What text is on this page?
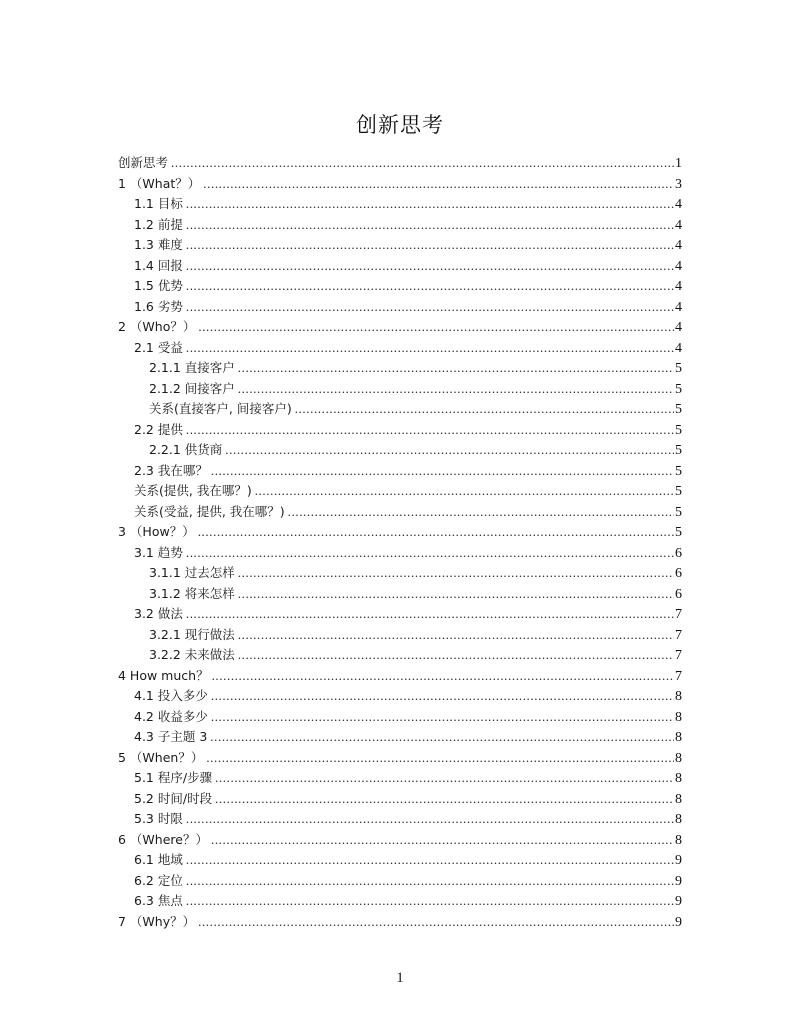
创新思考
创新思考 .....	1
1 （What？） .....	3
1.1 目标 .....	4
1.2 前提 .....	4
1.3 难度 .....	4
1.4 回报 .....	4
1.5 优势 .....	4
1.6 劣势 .....	4
2 （Who？） .....	4
2.1 受益 .....	4
2.1.1 直接客户 .....	5
2.1.2 间接客户 .....	5
关系(直接客户, 间接客户) .....	5
2.2 提供 .....	5
2.2.1 供货商 .....	5
2.3 我在哪？ .....	5
关系(提供, 我在哪？) .....	5
关系(受益, 提供, 我在哪？) .....	5
3 （How？） .....	5
3.1 趋势 .....	6
3.1.1 过去怎样 .....	6
3.1.2 将来怎样 .....	6
3.2 做法 .....	7
3.2.1 现行做法 .....	7
3.2.2 未来做法 .....	7
4 How much？ .....	7
4.1 投入多少 .....	8
4.2 收益多少 .....	8
4.3 子主题 3 .....	8
5 （When？） .....	8
5.1 程序/步骤 .....	8
5.2 时间/时段 .....	8
5.3 时限 .....	8
6 （Where？） .....	8
6.1 地域 .....	9
6.2 定位 .....	9
6.3 焦点 .....	9
7 （Why？） .....	9
1
